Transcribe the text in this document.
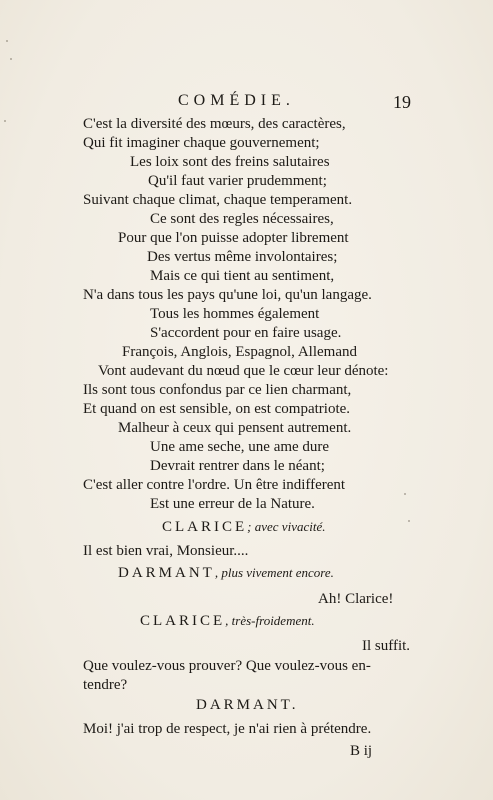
COMÉDIE.	19
C'est la diversité des mœurs, des caractères,
Qui fit imaginer chaque gouvernement;
Les loix sont des freins salutaires
Qu'il faut varier prudemment;
Suivant chaque climat, chaque temperament.
Ce sont des regles nécessaires,
Pour que l'on puisse adopter librement
Des vertus même involontaires;
Mais ce qui tient au sentiment,
N'a dans tous les pays qu'une loi, qu'un langage.
Tous les hommes également
S'accordent pour en faire usage.
François, Anglois, Espagnol, Allemand
Vont audevant du nœud que le cœur leur dénote:
Ils sont tous confondus par ce lien charmant,
Et quand on est sensible, on est compatriote.
Malheur à ceux qui pensent autrement.
Une ame seche, une ame dure
Devrait rentrer dans le néant;
C'est aller contre l'ordre. Un être indifferent
Est une erreur de la Nature.
CLARICE; avec vivacité.
Il est bien vrai, Monsieur....
DARMANT, plus vivement encore.
Ah! Clarice!
CLARICE, très-froidement.
Il suffit.
Que voulez-vous prouver? Que voulez-vous en-
tendre?
DARMANT.
Moi! j'ai trop de respect, je n'ai rien à prétendre.
B ij
